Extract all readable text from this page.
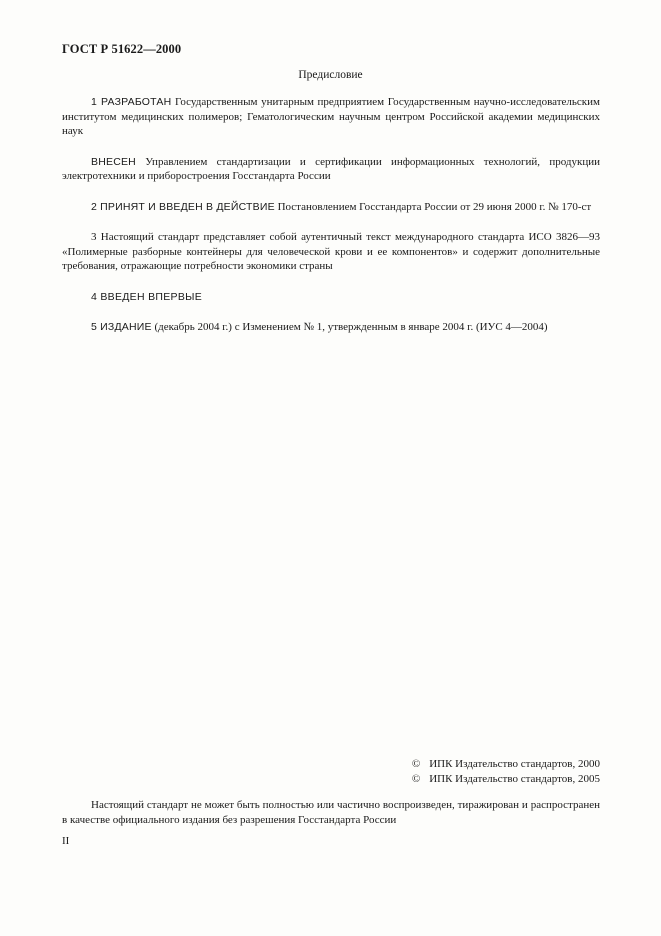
ГОСТ Р 51622—2000
Предисловие

1 РАЗРАБОТАН Государственным унитарным предприятием Государственным научно-исследовательским институтом медицинских полимеров; Гематологическим научным центром Российской академии медицинских наук

ВНЕСЕН Управлением стандартизации и сертификации информационных технологий, продукции электротехники и приборостроения Госстандарта России

2 ПРИНЯТ И ВВЕДЕН В ДЕЙСТВИЕ Постановлением Госстандарта России от 29 июня 2000 г. № 170-ст

3 Настоящий стандарт представляет собой аутентичный текст международного стандарта ИСО 3826—93 «Полимерные разборные контейнеры для человеческой крови и ее компонентов» и содержит дополнительные требования, отражающие потребности экономики страны

4 ВВЕДЕН ВПЕРВЫЕ

5 ИЗДАНИЕ (декабрь 2004 г.) с Изменением № 1, утвержденным в январе 2004 г. (ИУС 4—2004)

© ИПК Издательство стандартов, 2000
© ИПК Издательство стандартов, 2005
Настоящий стандарт не может быть полностью или частично воспроизведен, тиражирован и распространен в качестве официального издания без разрешения Госстандарта России
II
